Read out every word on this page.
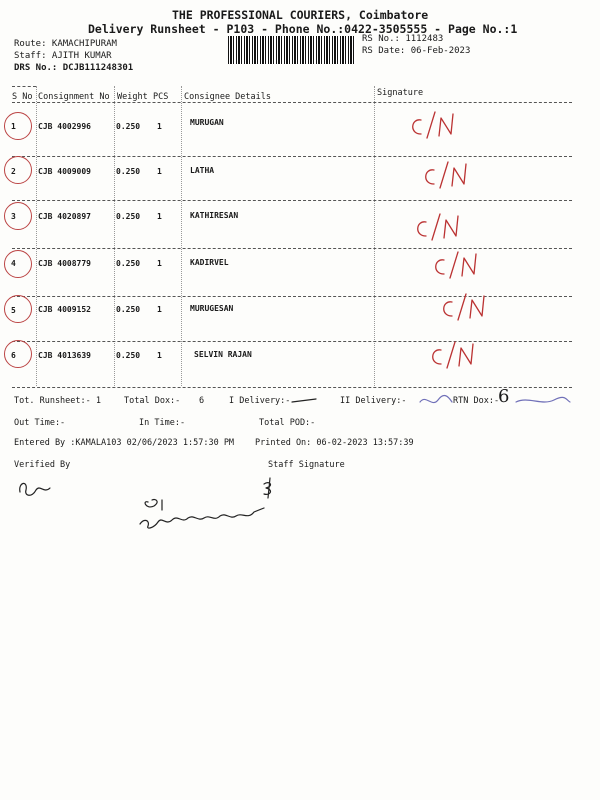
THE PROFESSIONAL COURIERS, Coimbatore
Delivery Runsheet - P103 - Phone No.:0422-3505555 - Page No.:1
Route: KAMACHIPURAM
Staff: AJITH KUMAR
DRS No.: DCJB111248301
RS No.: 1112483
RS Date: 06-Feb-2023
S No Consignment No Weight PCS Consignee Details	Signature
1	CJB 4002996	0.250 1	MURUGAN
2	CJB 4009009	0.250 1	LATHA
3	CJB 4020897	0.250 1	KATHIRESAN
4	CJB 4008779	0.250 1	KADIRVEL
5	CJB 4009152	0.250 1	MURUGESAN
6	CJB 4013639	0.250 1	SELVIN RAJAN
Tot. Runsheet:- 1	Total Dox:- 6	I Delivery:-	II Delivery:-	RTN Dox:-
6
Out Time:-	In Time:-	Total POD:-
Entered By :KAMALA103 02/06/2023 1:57:30 PM Printed On: 06-02-2023 13:57:39
Verified By	Staff Signature
